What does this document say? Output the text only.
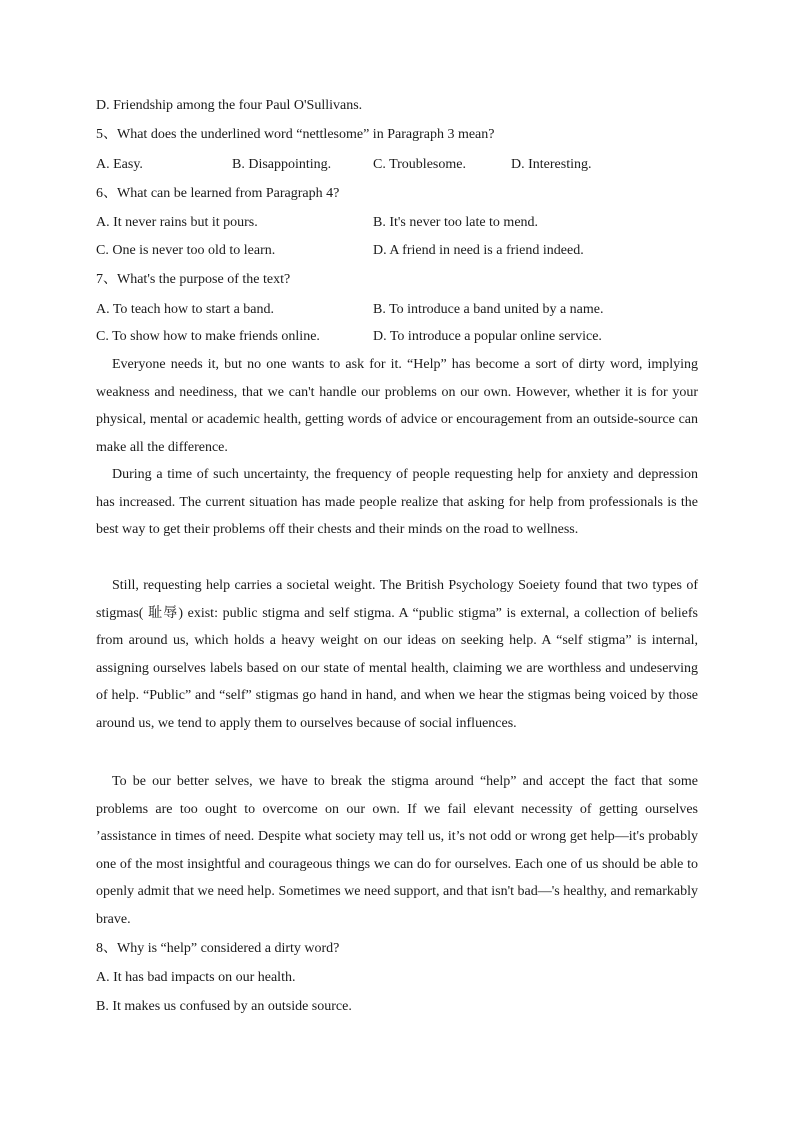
D. Friendship among the four Paul O'Sullivans.
5、What does the underlined word “nettlesome” in Paragraph 3 mean?
A. Easy.	B. Disappointing.	C. Troublesome.	D. Interesting.
6、What can be learned from Paragraph 4?
A. It never rains but it pours.	B. It's never too late to mend.
C. One is never too old to learn.	D. A friend in need is a friend indeed.
7、What's the purpose of the text?
A. To teach how to start a band.	B. To introduce a band united by a name.
C. To show how to make friends online.	D. To introduce a popular online service.

Everyone needs it, but no one wants to ask for it. “Help” has become a sort of dirty word, implying weakness and neediness, that we can't handle our problems on our own. However, whether it is for your physical, mental or academic health, getting words of advice or encouragement from an outside-source can make all the difference.

During a time of such uncertainty, the frequency of people requesting help for anxiety and depression has increased. The current situation has made people realize that asking for help from professionals is the best way to get their problems off their chests and their minds on the road to wellness.

Still, requesting help carries a societal weight. The British Psychology Soeiety found that two types of stigmas( 耻辱) exist: public stigma and self stigma. A “public stigma” is external, a collection of beliefs from around us, which holds a heavy weight on our ideas on seeking help. A “self stigma” is internal, assigning ourselves labels based on our state of mental health, claiming we are worthless and undeserving of help. “Public” and “self” stigmas go hand in hand, and when we hear the stigmas being voiced by those around us, we tend to apply them to ourselves because of social influences.

To be our better selves, we have to break the stigma around “help” and accept the fact that some problems are too ought to overcome on our own. If we fail elevant necessity of getting ourselves ’assistance in times of need. Despite what society may tell us, it’s not odd or wrong get help—it's probably one of the most insightful and courageous things we can do for ourselves. Each one of us should be able to openly admit that we need help. Sometimes we need support, and that isn't bad—'s healthy, and remarkably brave.

8、Why is “help” considered a dirty word?
A. It has bad impacts on our health.
B. It makes us confused by an outside source.
